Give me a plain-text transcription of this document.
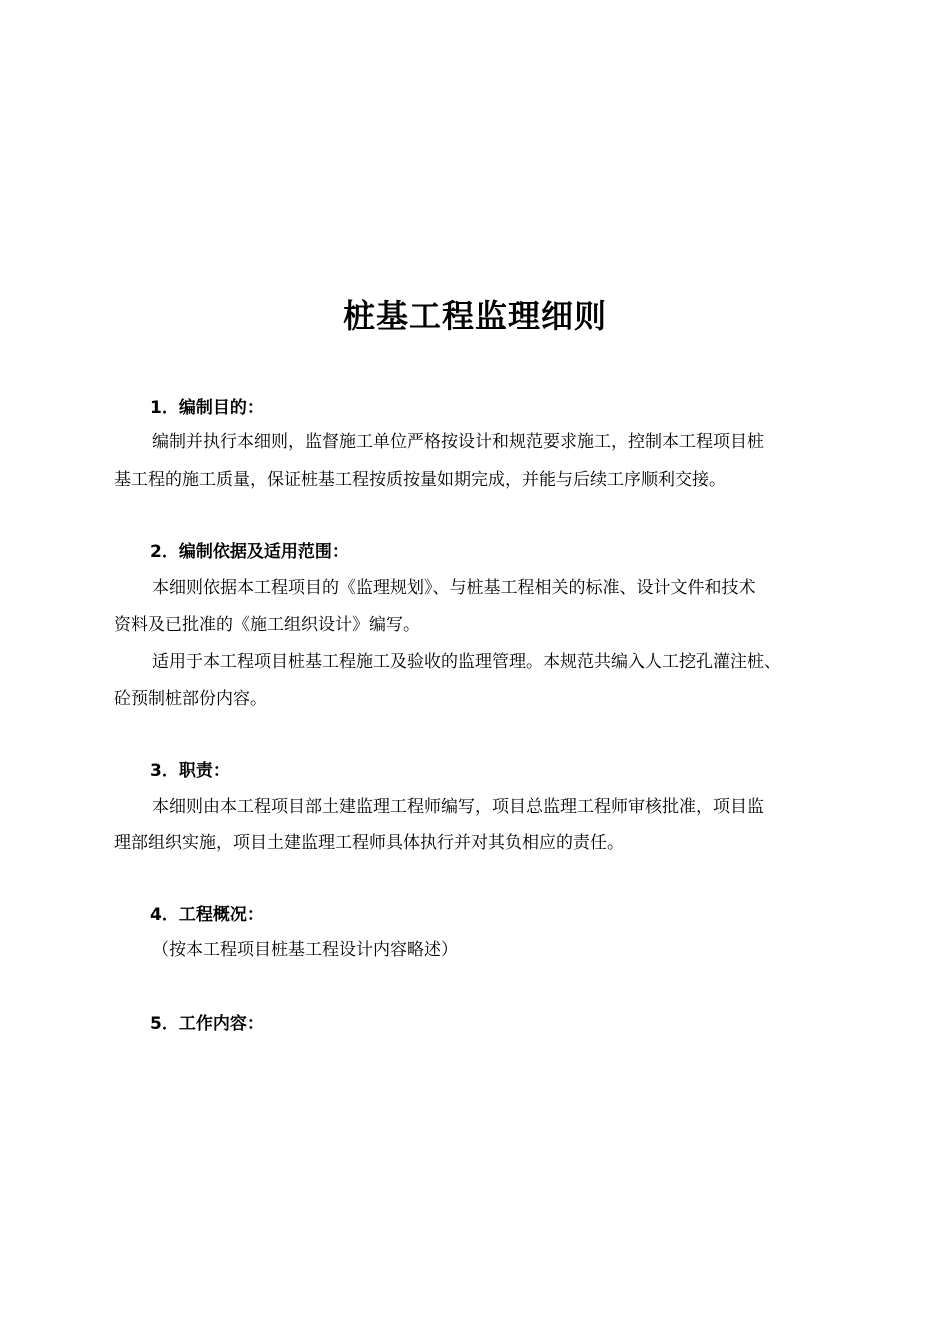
桩基工程监理细则
1．编制目的：
编制并执行本细则，监督施工单位严格按设计和规范要求施工，控制本工程项目桩
基工程的施工质量，保证桩基工程按质按量如期完成，并能与后续工序顺利交接。
2．编制依据及适用范围：
本细则依据本工程项目的《监理规划》、与桩基工程相关的标准、设计文件和技术
资料及已批准的《施工组织设计》编写。
适用于本工程项目桩基工程施工及验收的监理管理。本规范共编入人工挖孔灌注桩、
砼预制桩部份内容。
3．职责：
本细则由本工程项目部土建监理工程师编写，项目总监理工程师审核批准，项目监
理部组织实施，项目土建监理工程师具体执行并对其负相应的责任。
4．工程概况：
（按本工程项目桩基工程设计内容略述）
5．工作内容：
